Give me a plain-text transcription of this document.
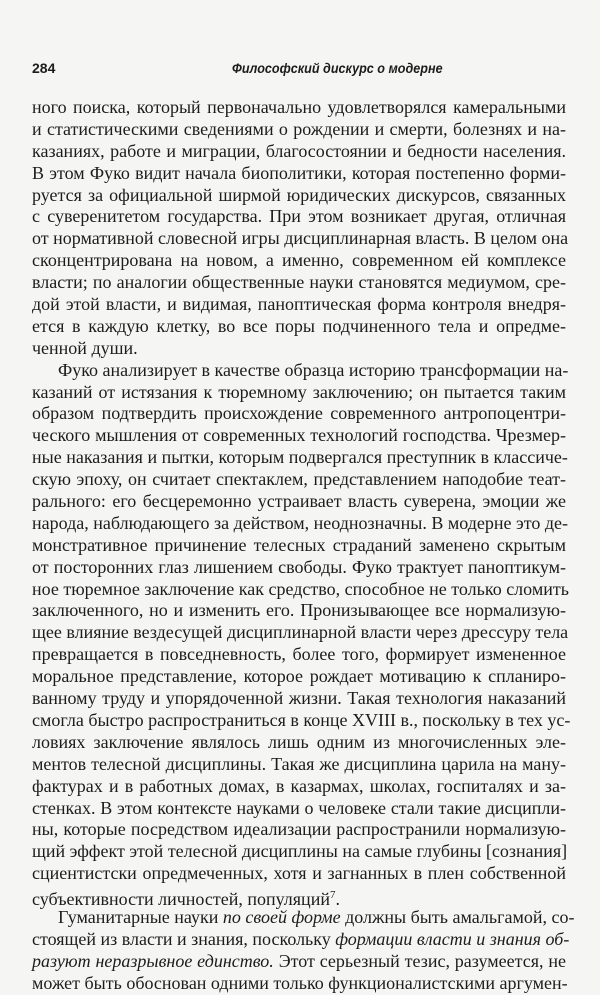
284	Философский дискурс о модерне
ного поиска, который первоначально удовлетворялся камеральными
и статистическими сведениями о рождении и смерти, болезнях и на-
казаниях, работе и миграции, благосостоянии и бедности населения.
В этом Фуко видит начала биополитики, которая постепенно форми-
руется за официальной ширмой юридических дискурсов, связанных
с суверенитетом государства. При этом возникает другая, отличная
от нормативной словесной игры дисциплинарная власть. В целом она
сконцентрирована на новом, а именно, современном ей комплексе
власти; по аналогии общественные науки становятся медиумом, сре-
дой этой власти, и видимая, паноптическая форма контроля внедря-
ется в каждую клетку, во все поры подчиненного тела и опредме-
ченной души.
Фуко анализирует в качестве образца историю трансформации на-
казаний от истязания к тюремному заключению; он пытается таким
образом подтвердить происхождение современного антропоцентри-
ческого мышления от современных технологий господства. Чрезмер-
ные наказания и пытки, которым подвергался преступник в классиче-
скую эпоху, он считает спектаклем, представлением наподобие теат-
рального: его бесцеремонно устраивает власть суверена, эмоции же
народа, наблюдающего за действом, неоднозначны. В модерне это де-
монстративное причинение телесных страданий заменено скрытым
от посторонних глаз лишением свободы. Фуко трактует паноптикум-
ное тюремное заключение как средство, способное не только сломить
заключенного, но и изменить его. Пронизывающее все нормализую-
щее влияние вездесущей дисциплинарной власти через дрессуру тела
превращается в повседневность, более того, формирует измененное
моральное представление, которое рождает мотивацию к спланиро-
ванному труду и упорядоченной жизни. Такая технология наказаний
смогла быстро распространиться в конце XVIII в., поскольку в тех ус-
ловиях заключение являлось лишь одним из многочисленных эле-
ментов телесной дисциплины. Такая же дисциплина царила на ману-
фактурах и в работных домах, в казармах, школах, госпиталях и за-
стенках. В этом контексте науками о человеке стали такие дисципли-
ны, которые посредством идеализации распространили нормализую-
щий эффект этой телесной дисциплины на самые глубины [сознания]
сциентистски опредмеченных, хотя и загнанных в плен собственной
субъективности личностей, популяций$^7$.
Гуманитарные науки по своей форме должны быть амальгамой, со-
стоящей из власти и знания, поскольку формации власти и знания об-
разуют неразрывное единство. Этот серьезный тезис, разумеется, не
может быть обоснован одними только функционалистскими аргумен-
